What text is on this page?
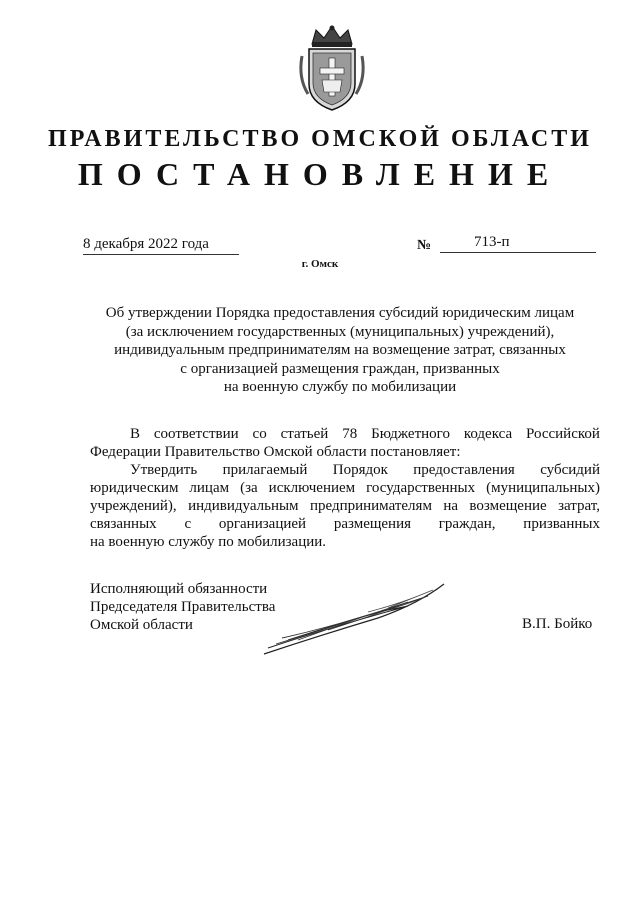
ПРАВИТЕЛЬСТВО ОМСКОЙ ОБЛАСТИ
ПОСТАНОВЛЕНИЕ
8 декабря 2022 года	№	713-п
г. Омск
Об утверждении Порядка предоставления субсидий юридическим лицам
(за исключением государственных (муниципальных) учреждений),
индивидуальным предпринимателям на возмещение затрат, связанных
с организацией размещения граждан, призванных
на военную службу по мобилизации
В соответствии со статьей 78 Бюджетного кодекса Российской
Федерации Правительство Омской области постановляет:
Утвердить прилагаемый Порядок предоставления субсидий
юридическим лицам (за исключением государственных (муниципальных)
учреждений), индивидуальным предпринимателям на возмещение затрат,
связанных с организацией размещения граждан, призванных
на военную службу по мобилизации.
Исполняющий обязанности
Председателя Правительства
Омской области	В.П. Бойко
